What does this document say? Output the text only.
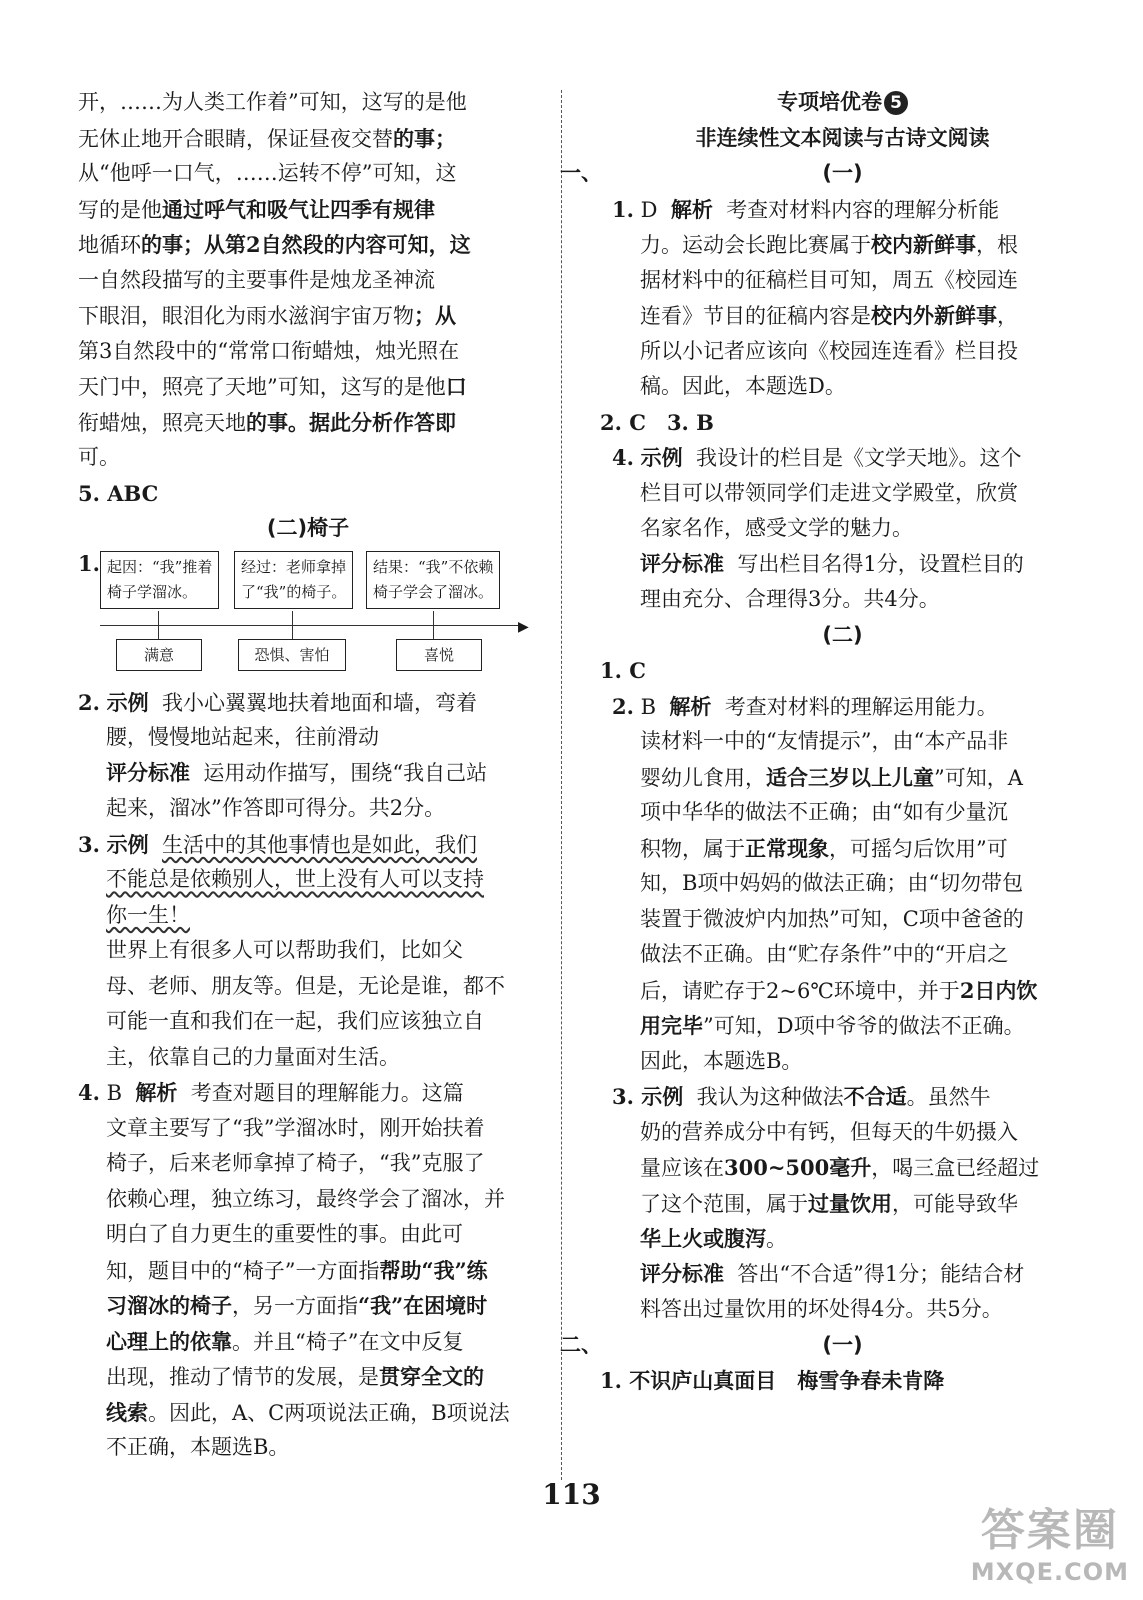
开，……为人类工作着”可知，这写的是他
无休止地开合眼睛，保证昼夜交替的事；
从“他呼一口气，……运转不停”可知，这
写的是他通过呼气和吸气让四季有规律
地循环的事；从第2自然段的内容可知，这
一自然段描写的主要事件是烛龙圣神流
下眼泪，眼泪化为雨水滋润宇宙万物；从
第3自然段中的“常常口衔蜡烛，烛光照在
天门中，照亮了天地”可知，这写的是他口
衔蜡烛，照亮天地的事。据此分析作答即
可。
5. ABC
(二)椅子
1. 起因：“我”推着
椅子学溜冰。
经过：老师拿掉
了“我”的椅子。
结果：“我”不依赖
椅子学会了溜冰。
▶
满意	恐惧、害怕	喜悦
2. 示例 我小心翼翼地扶着地面和墙，弯着
腰，慢慢地站起来，往前滑动
评分标准 运用动作描写，围绕“我自己站
起来，溜冰”作答即可得分。共2分。
3. 示例 生活中的其他事情也是如此，我们
不能总是依赖别人，世上没有人可以支持
你一生！
世界上有很多人可以帮助我们，比如父
母、老师、朋友等。但是，无论是谁，都不
可能一直和我们在一起，我们应该独立自
主，依靠自己的力量面对生活。
4. B 解析 考查对题目的理解能力。这篇
文章主要写了“我”学溜冰时，刚开始扶着
椅子，后来老师拿掉了椅子，“我”克服了
依赖心理，独立练习，最终学会了溜冰，并
明白了自力更生的重要性的事。由此可
知，题目中的“椅子”一方面指帮助“我”练
习溜冰的椅子，另一方面指“我”在困境时
心理上的依靠。并且“椅子”在文中反复
出现，推动了情节的发展，是贯穿全文的
线索。因此，A、C两项说法正确，B项说法
不正确，本题选B。
专项培优卷 5
非连续性文本阅读与古诗文阅读
一、	(一)
1. D 解析 考查对材料内容的理解分析能
力。运动会长跑比赛属于校内新鲜事，根
据材料中的征稿栏目可知，周五《校园连
连看》节目的征稿内容是校内外新鲜事，
所以小记者应该向《校园连连看》栏目投
稿。因此，本题选D。
2. C　3. B
4. 示例 我设计的栏目是《文学天地》。这个
栏目可以带领同学们走进文学殿堂，欣赏
名家名作，感受文学的魅力。
评分标准 写出栏目名得1分，设置栏目的
理由充分、合理得3分。共4分。
(二)
1. C
2. B 解析 考查对材料的理解运用能力。
读材料一中的“友情提示”，由“本产品非
婴幼儿食用，适合三岁以上儿童”可知，A
项中华华的做法不正确；由“如有少量沉
积物，属于正常现象，可摇匀后饮用”可
知，B项中妈妈的做法正确；由“切勿带包
装置于微波炉内加热”可知，C项中爸爸的
做法不正确。由“贮存条件”中的“开启之
后，请贮存于2~6℃环境中，并于2日内饮
用完毕”可知，D项中爷爷的做法不正确。
因此，本题选B。
3. 示例 我认为这种做法不合适。虽然牛
奶的营养成分中有钙，但每天的牛奶摄入
量应该在300~500毫升，喝三盒已经超过
了这个范围，属于过量饮用，可能导致华
华上火或腹泻。
评分标准 答出“不合适”得1分；能结合材
料答出过量饮用的坏处得4分。共5分。
二、	(一)
1. 不识庐山真面目　梅雪争春未肯降
113
答案圈
MXQE.COM
